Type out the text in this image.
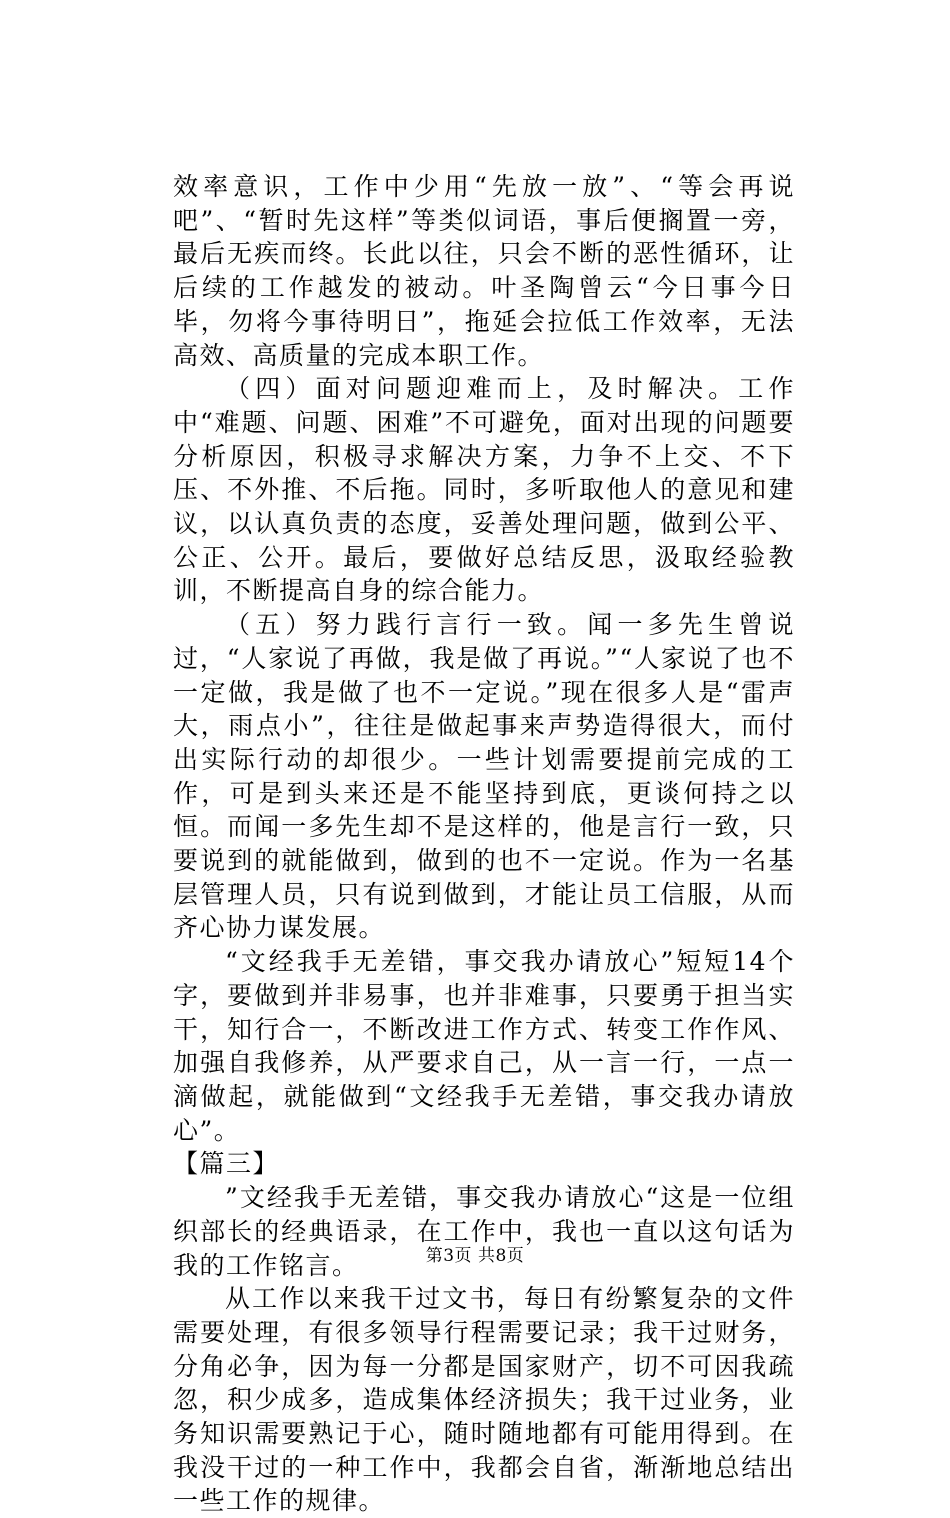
效率意识，工作中少用“先放一放”、“等会再说吧”、“暂时先这样”等类似词语，事后便搁置一旁，最后无疾而终。长此以往，只会不断的恶性循环，让后续的工作越发的被动。叶圣陶曾云“今日事今日毕，勿将今事待明日”，拖延会拉低工作效率，无法高效、高质量的完成本职工作。

（四）面对问题迎难而上，及时解决。工作中“难题、问题、困难”不可避免，面对出现的问题要分析原因，积极寻求解决方案，力争不上交、不下压、不外推、不后拖。同时，多听取他人的意见和建议，以认真负责的态度，妥善处理问题，做到公平、公正、公开。最后，要做好总结反思，汲取经验教训，不断提高自身的综合能力。

（五）努力践行言行一致。闻一多先生曾说过，“人家说了再做，我是做了再说。”“人家说了也不一定做，我是做了也不一定说。”现在很多人是“雷声大，雨点小”，往往是做起事来声势造得很大，而付出实际行动的却很少。一些计划需要提前完成的工作，可是到头来还是不能坚持到底，更谈何持之以恒。而闻一多先生却不是这样的，他是言行一致，只要说到的就能做到，做到的也不一定说。作为一名基层管理人员，只有说到做到，才能让员工信服，从而齐心协力谋发展。

“文经我手无差错，事交我办请放心”短短14个字，要做到并非易事，也并非难事，只要勇于担当实干，知行合一，不断改进工作方式、转变工作作风、加强自我修养，从严要求自己，从一言一行，一点一滴做起，就能做到“文经我手无差错，事交我办请放心”。

【篇三】

”文经我手无差错，事交我办请放心“这是一位组织部长的经典语录，在工作中，我也一直以这句话为我的工作铭言。

从工作以来我干过文书，每日有纷繁复杂的文件需要处理，有很多领导行程需要记录；我干过财务，分角必争，因为每一分都是国家财产，切不可因我疏忽，积少成多，造成集体经济损失；我干过业务，业务知识需要熟记于心，随时随地都有可能用得到。在我没干过的一种工作中，我都会自省，渐渐地总结出一些工作的规律。

第3页 共8页
